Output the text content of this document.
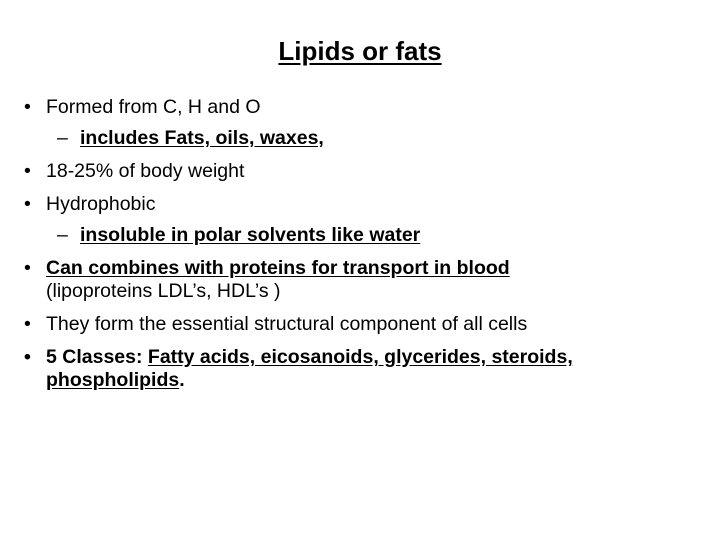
Lipids or fats
• Formed from C, H and O
– includes Fats, oils, waxes,
• 18-25% of body weight
• Hydrophobic
– insoluble in polar solvents like water
• Can combines with proteins for transport in blood
(lipoproteins LDL’s, HDL’s )
• They form the essential structural component of all cells
• 5 Classes: Fatty acids, eicosanoids, glycerides, steroids,
phospholipids.
